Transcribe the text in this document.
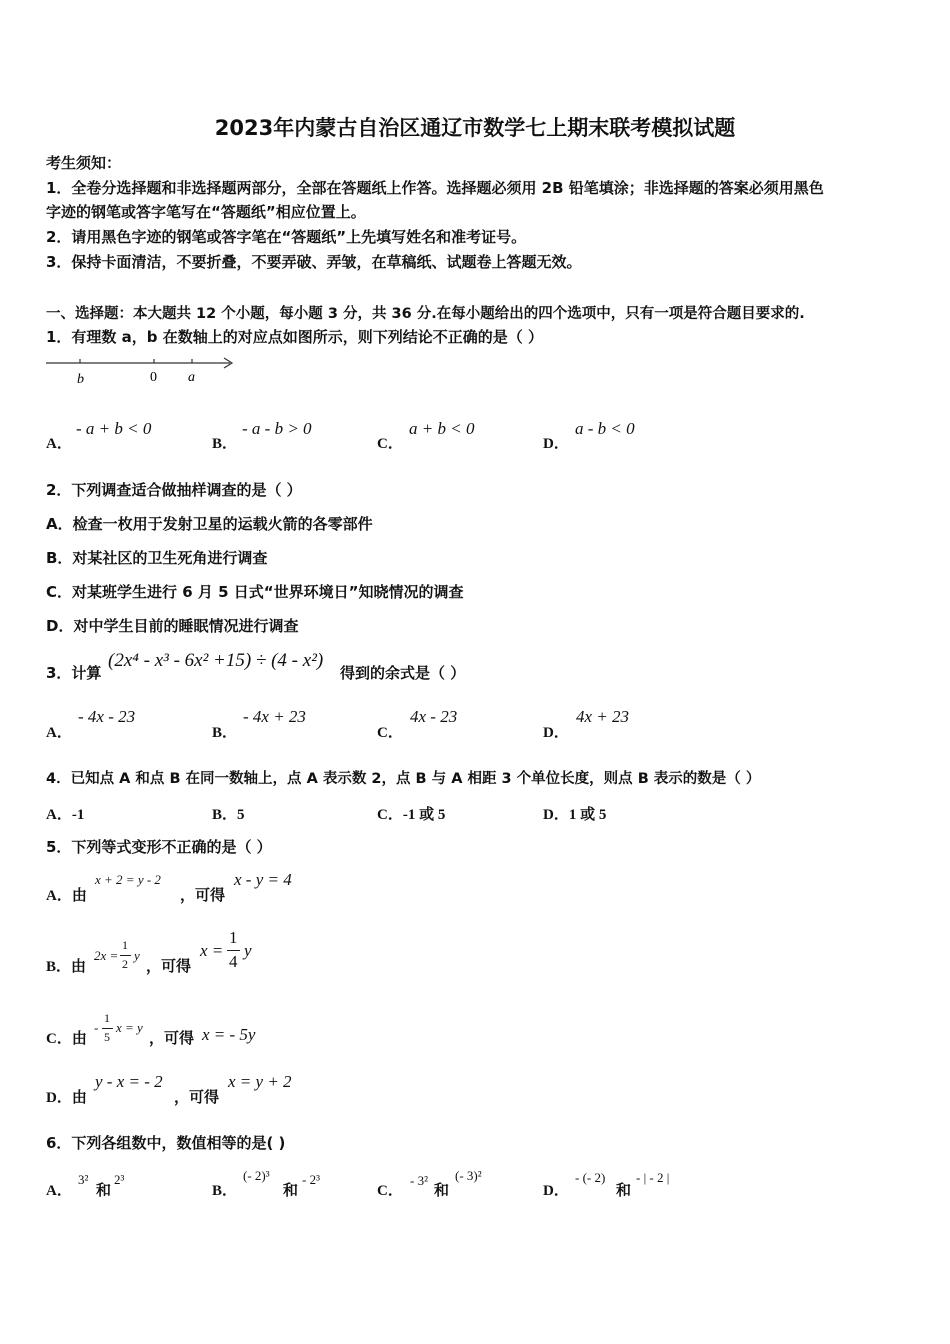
2023年内蒙古自治区通辽市数学七上期末联考模拟试题
考生须知：
1．全卷分选择题和非选择题两部分，全部在答题纸上作答。选择题必须用 2B 铅笔填涂；非选择题的答案必须用黑色
字迹的钢笔或答字笔写在“答题纸”相应位置上。
2．请用黑色字迹的钢笔或答字笔在“答题纸”上先填写姓名和准考证号。
3．保持卡面清洁，不要折叠，不要弄破、弄皱，在草稿纸、试题卷上答题无效。
一、选择题：本大题共 12 个小题，每小题 3 分，共 36 分.在每小题给出的四个选项中，只有一项是符合题目要求的.
1．有理数 a，b 在数轴上的对应点如图所示，则下列结论不正确的是（ ）
b	0 a
A．
- a + b < 0
B．
- a - b > 0
C．
a + b < 0
D．
a - b < 0
2．下列调查适合做抽样调查的是（ ）
A．检查一枚用于发射卫星的运载火箭的各零部件
B．对某社区的卫生死角进行调查
C．对某班学生进行 6 月 5 日式“世界环境日”知晓情况的调查
D．对中学生目前的睡眠情况进行调查
3．计算
(2x⁴ - x³ - 6x² +15) ÷ (4 - x²)
得到的余式是（ ）
A．
- 4x - 23
B．
- 4x + 23
C．
4x - 23
D．
4x + 23
4．已知点 A 和点 B 在同一数轴上，点 A 表示数 2，点 B 与 A 相距 3 个单位长度，则点 B 表示的数是（ ）
A．-1	B．5	C．-1 或 5	D．1 或 5
5．下列等式变形不正确的是（ ）
A．由
x + 2 = y - 2
，可得
x - y = 4
B．由
2x =
1
2
y
，可得
x =
1
4
y
C．由
-
1
5
x = y
，可得 x = - 5y
D．由
y - x = - 2
，可得
x = y + 2
6．下列各组数中，数值相等的是( )
A．
3²
和
2³
B．
(- 2)³
和
- 2³
C．
- 3²
和
(- 3)²
D．
- (- 2)
和
- | - 2 |
